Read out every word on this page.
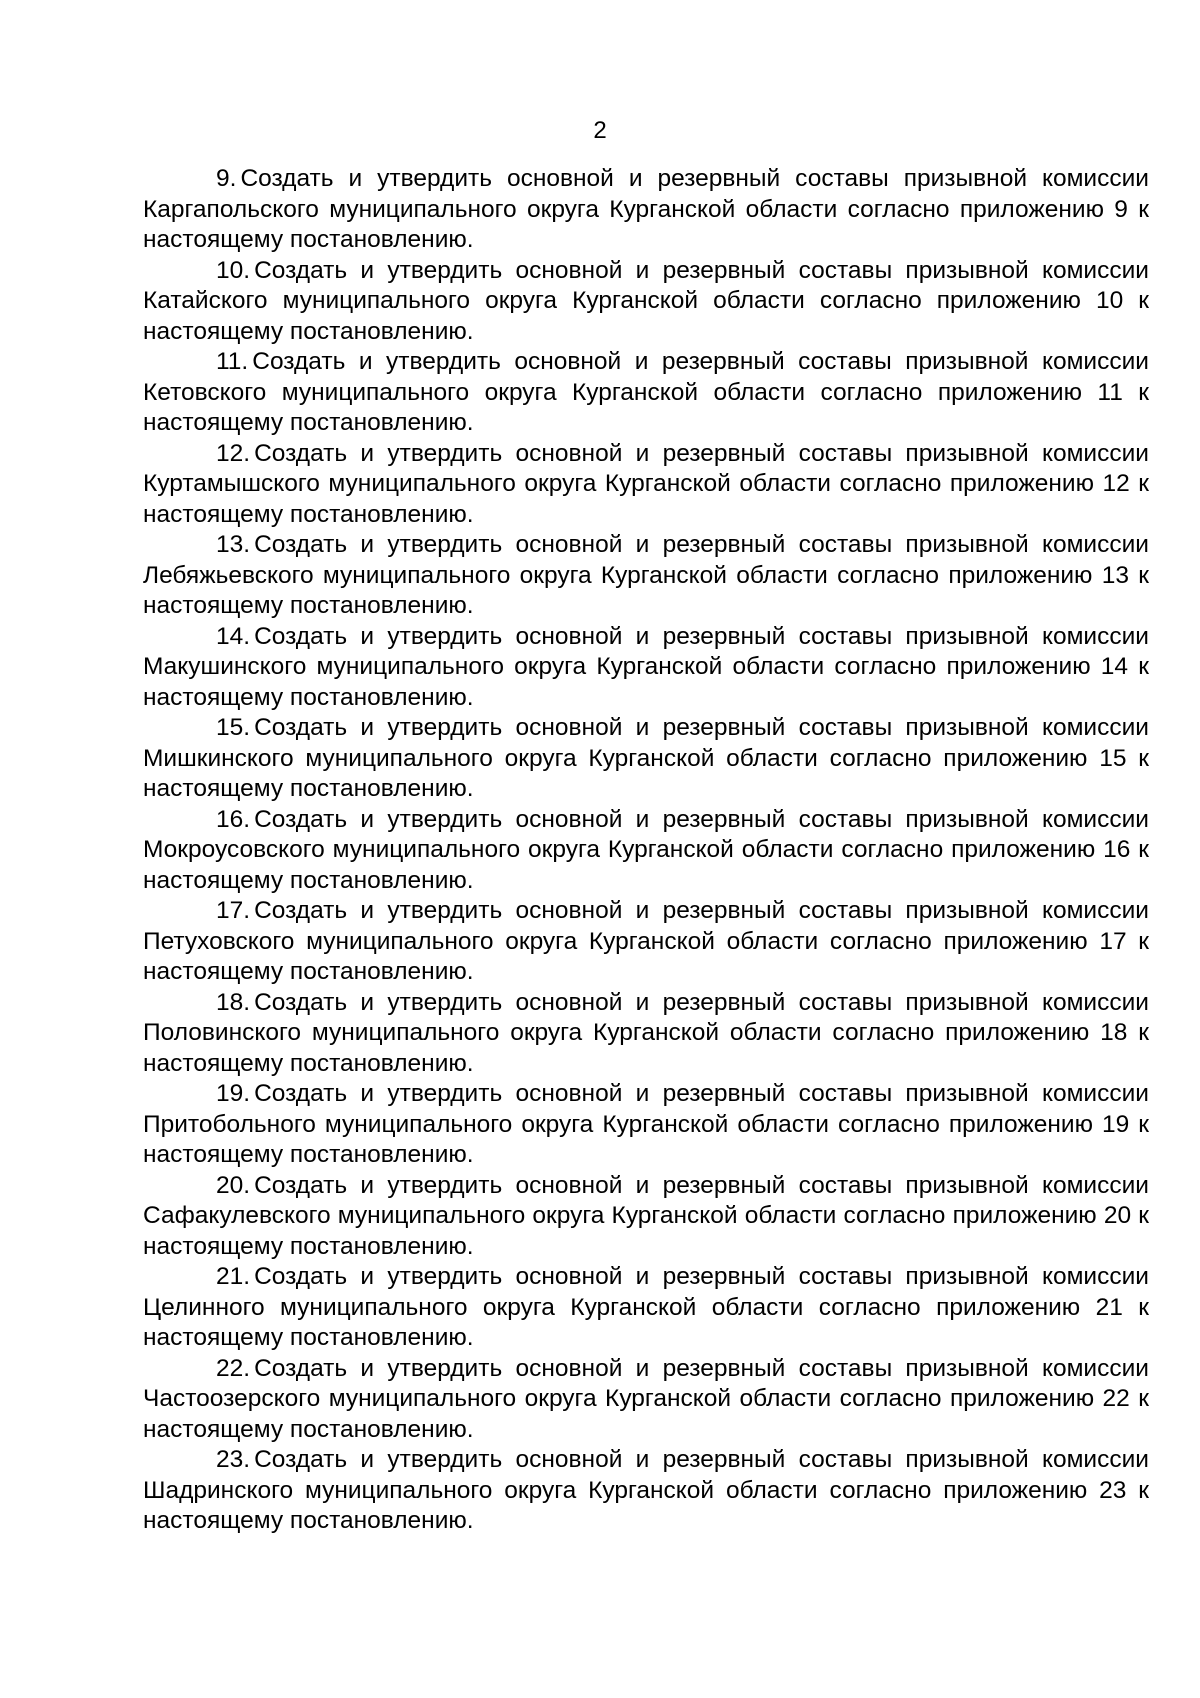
2

9. Создать и утвердить основной и резервный составы призывной комиссии Каргапольского муниципального округа Курганской области согласно приложению 9 к настоящему постановлению.

10. Создать и утвердить основной и резервный составы призывной комиссии Катайского муниципального округа Курганской области согласно приложению 10 к настоящему постановлению.

11. Создать и утвердить основной и резервный составы призывной комиссии Кетовского муниципального округа Курганской области согласно приложению 11 к настоящему постановлению.

12. Создать и утвердить основной и резервный составы призывной комиссии Куртамышского муниципального округа Курганской области согласно приложению 12 к настоящему постановлению.

13. Создать и утвердить основной и резервный составы призывной комиссии Лебяжьевского муниципального округа Курганской области согласно приложению 13 к настоящему постановлению.

14. Создать и утвердить основной и резервный составы призывной комиссии Макушинского муниципального округа Курганской области согласно приложению 14 к настоящему постановлению.

15. Создать и утвердить основной и резервный составы призывной комиссии Мишкинского муниципального округа Курганской области согласно приложению 15 к настоящему постановлению.

16. Создать и утвердить основной и резервный составы призывной комиссии Мокроусовского муниципального округа Курганской области согласно приложению 16 к настоящему постановлению.

17. Создать и утвердить основной и резервный составы призывной комиссии Петуховского муниципального округа Курганской области согласно приложению 17 к настоящему постановлению.

18. Создать и утвердить основной и резервный составы призывной комиссии Половинского муниципального округа Курганской области согласно приложению 18 к настоящему постановлению.

19. Создать и утвердить основной и резервный составы призывной комиссии Притобольного муниципального округа Курганской области согласно приложению 19 к настоящему постановлению.

20. Создать и утвердить основной и резервный составы призывной комиссии Сафакулевского муниципального округа Курганской области согласно приложению 20 к настоящему постановлению.

21. Создать и утвердить основной и резервный составы призывной комиссии Целинного муниципального округа Курганской области согласно приложению 21 к настоящему постановлению.

22. Создать и утвердить основной и резервный составы призывной комиссии Частоозерского муниципального округа Курганской области согласно приложению 22 к настоящему постановлению.

23. Создать и утвердить основной и резервный составы призывной комиссии Шадринского муниципального округа Курганской области согласно приложению 23 к настоящему постановлению.
